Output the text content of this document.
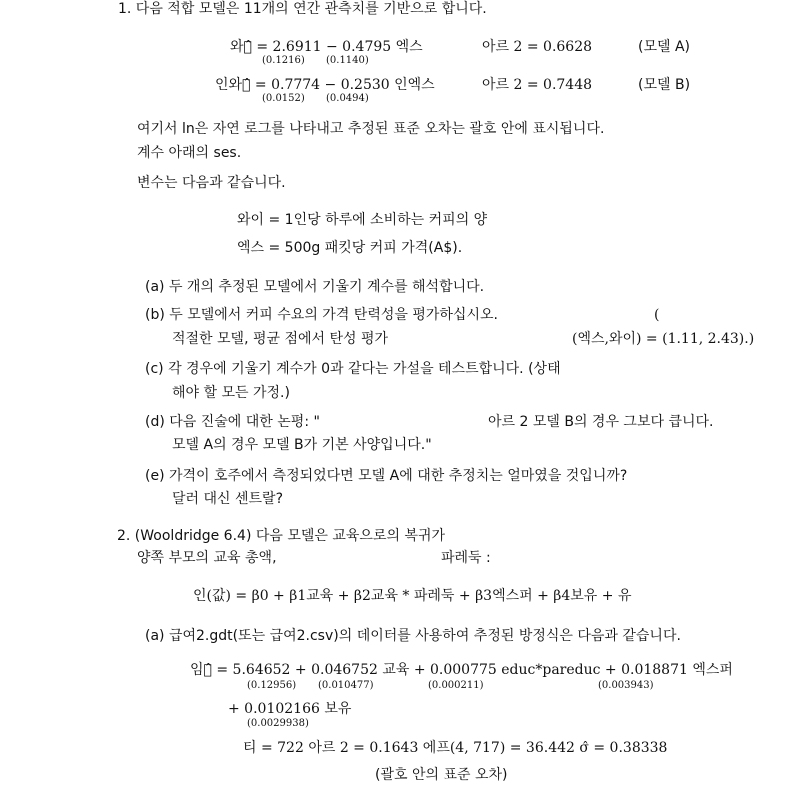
1. 다음 적합 모델은 11개의 연간 관측치를 기반으로 합니다.
와이̂ = 2.6911 − 0.4795 엑스
(0.1216) (0.1140)
아르 2 = 0.6628	(모델 A)
인와이̂ = 0.7774 − 0.2530 인엑스
(0.0152) (0.0494)
아르 2 = 0.7448	(모델 B)
여기서 ln은 자연 로그를 나타내고 추정된 표준 오차는 괄호 안에 표시됩니다.
계수 아래의 ses.
변수는 다음과 같습니다.
와이 = 1인당 하루에 소비하는 커피의 양
엑스 = 500g 패킷당 커피 가격(A$).
(a) 두 개의 추정된 모델에서 기울기 계수를 해석합니다.
(b) 두 모델에서 커피 수요의 가격 탄력성을 평가하십시오.	(
적절한 모델, 평균 점에서 탄성 평가	(엑스,와이) = (1.11, 2.43).)
(c) 각 경우에 기울기 계수가 0과 같다는 가설을 테스트합니다. (상태
해야 할 모든 가정.)
(d) 다음 진술에 대한 논평: "	아르 2 모델 B의 경우 그보다 큽니다.
모델 A의 경우 모델 B가 기본 사양입니다."
(e) 가격이 호주에서 측정되었다면 모델 A에 대한 추정치는 얼마였을 것입니까?
달러 대신 센트랄?
2. (Wooldridge 6.4) 다음 모델은 교육으로의 복귀가
양쪽 부모의 교육 총액,	파레둑 :
인(값) = β0 + β1교육 + β2교육 * 파레둑 + β3엑스퍼 + β4보유 + 유
(a) 급여2.gdt(또는 급여2.csv)의 데이터를 사용하여 추정된 방정식은 다음과 같습니다.
임금̂ = 5.64652 + 0.046752 교육 + 0.000775 educ*pareduc + 0.018871 엑스퍼
(0.12956) (0.010477)	(0.000211)	(0.003943)
+ 0.0102166 보유
(0.0029938)
티 = 722 아르 2 = 0.1643 에프(4, 717) = 36.442 σ̂ = 0.38338
(괄호 안의 표준 오차)
